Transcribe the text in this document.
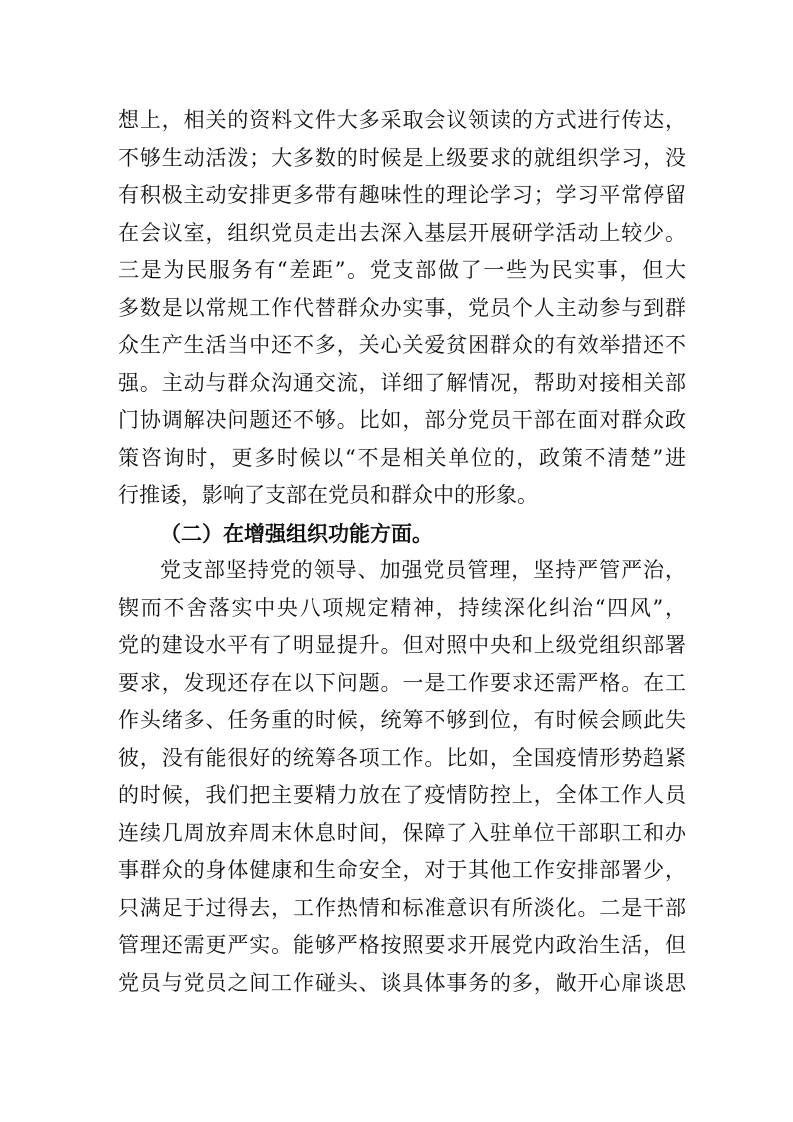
想上，相关的资料文件大多采取会议领读的方式进行传达，
不够生动活泼；大多数的时候是上级要求的就组织学习，没
有积极主动安排更多带有趣味性的理论学习；学习平常停留
在会议室，组织党员走出去深入基层开展研学活动上较少。
三是为民服务有“差距”。党支部做了一些为民实事，但大
多数是以常规工作代替群众办实事，党员个人主动参与到群
众生产生活当中还不多，关心关爱贫困群众的有效举措还不
强。主动与群众沟通交流，详细了解情况，帮助对接相关部
门协调解决问题还不够。比如，部分党员干部在面对群众政
策咨询时，更多时候以“不是相关单位的，政策不清楚”进
行推诿，影响了支部在党员和群众中的形象。
（二）在增强组织功能方面。
党支部坚持党的领导、加强党员管理，坚持严管严治，
锲而不舍落实中央八项规定精神，持续深化纠治“四风”，
党的建设水平有了明显提升。但对照中央和上级党组织部署
要求，发现还存在以下问题。一是工作要求还需严格。在工
作头绪多、任务重的时候，统筹不够到位，有时候会顾此失
彼，没有能很好的统筹各项工作。比如，全国疫情形势趋紧
的时候，我们把主要精力放在了疫情防控上，全体工作人员
连续几周放弃周末休息时间，保障了入驻单位干部职工和办
事群众的身体健康和生命安全，对于其他工作安排部署少，
只满足于过得去，工作热情和标准意识有所淡化。二是干部
管理还需更严实。能够严格按照要求开展党内政治生活，但
党员与党员之间工作碰头、谈具体事务的多，敞开心扉谈思
